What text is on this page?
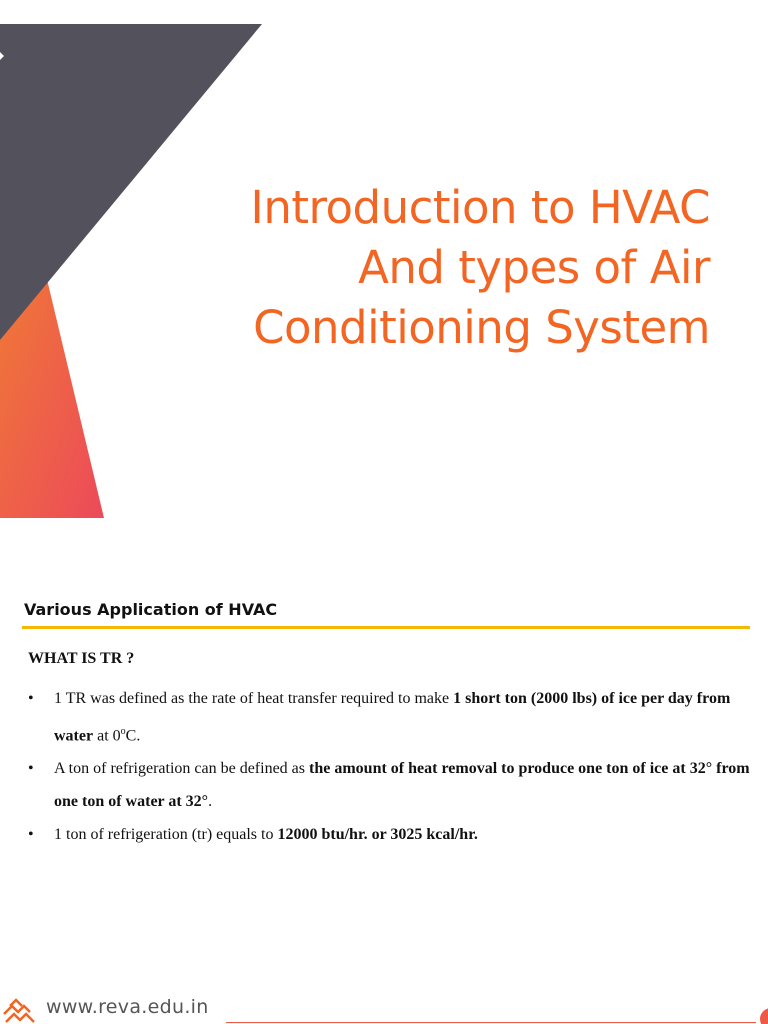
Introduction to HVAC
And types of Air
Conditioning System
Various Application of HVAC
WHAT IS TR ?
• 1 TR was defined as the rate of heat transfer required to make 1 short ton (2000 lbs) of ice per day from water at 0$^o$C.
• A ton of refrigeration can be defined as the amount of heat removal to produce one ton of ice at 32° from one ton of water at 32°.
• 1 ton of refrigeration (tr) equals to 12000 btu/hr. or 3025 kcal/hr.
www.reva.edu.in
